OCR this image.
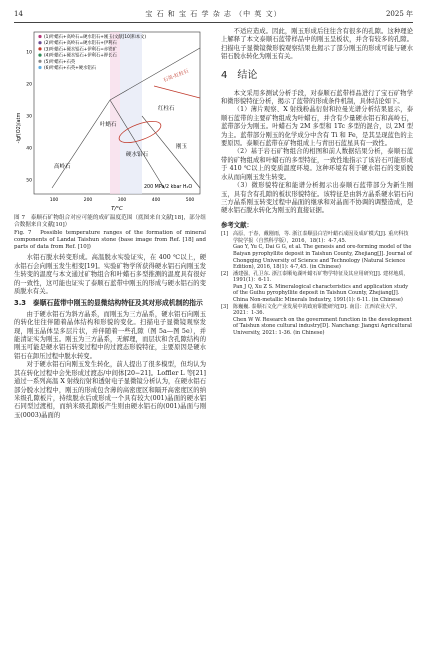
14	宝 石 和 宝 石 学 杂 志 （中 英 文）	2025 年
(1)叶蜡石+高岭石=硬水铝石+刚玉(文献[10]和本文)
(2)叶蜡石+高岭石=硬水铝石+伊利石
(3)叶蜡石+硬水铝石+伊利石=赤铁矿
(4)叶蜡石+硬水铝石+伊利石+钾长石
(5)叶蜡石+石英
(6)叶蜡石+石英+硬水铝石
10
20
30
40
50
100	200	300	400	500
-lgf(O2)/atm
T/°C
高岭石
叶蜡石
红柱石
刚玉
硬水铝石
石英-红柱石
200 MPa/2 kbar H₂O
图 7　泰顺石矿物组合对应可能的成矿温度范围（底图来自文献[18]，部分组合数据来自文献[10]）
Fig. 7　Possible temperature ranges of the formation of mineral components of Landai Taishun stone (base image from Ref. [18] and parts of data from Ref. [10])

水铝石脱水转变形成。高温脱水实验证实，在 400 ℃以上，硬水铝石会向刚玉发生相变[19]。实验矿物学所获得硬水铝石向刚玉发生转变的温度与本文通过矿物组合和叶蜡石多型推测的温度具有很好的一致性，这可能也证实了泰顺石蓝带中刚玉的形成与硬水铝石的变质脱水有关。

3.3　泰顺石蓝带中刚玉的显微结构特征及其对形成机制的指示

由于硬水铝石为斜方晶系，而刚玉为三方晶系，硬水铝石向刚玉的转化往往伴随着晶体结构和形貌的变化。扫描电子显微镜观察发现，刚玉晶体呈多层片状，并伴随着一些孔隙（图 5a—图 5e），并能清证实为刚玉。刚玉为三方晶系，无解理，而层状和含孔隙结构的刚玉可能是硬水铝石转变过程中的过渡态形貌特征，主要原因是硬水铝石在卸压过程中脱水转变。

对于硬水铝石向刚玉发生转化，前人提出了很多模型，但均认为其在转化过程中会先形成过渡态/中间体[20−21]。Loffler L 等[21]通过一系列高温 X 射线衍射和透射电子显微镜分析认为，在硬水铝石部分脱水过程中，刚玉的形成包含薄的高密度区和隔开高密度区的纳米级孔隙板片，持续脱水后或形成一个具有较大(001)晶面的硬水铝石同型过渡相，而纳米级孔隙板产生则由硬水铝石的(001)晶面与刚玉(0003)晶面的

不适应造成。因此，刚玉形成后往往含有很多的孔隙。这种理论上解释了本文泰顺石蓝带样品中的刚玉呈板状，并含有较多的孔隙。扫描电子显微镜微形貌观察结果也揭示了部分刚玉的形成可能与硬水铝石脱水转化为刚玉有关。

4　结论

本文采用多测试分析手段，对泰顺石蓝带样品进行了宝石矿物学和微形貌特征分析，揭示了蓝带的形成条件机制，具体结论如下。

（1）薄片观察、X 射线粉晶衍射和拉曼光谱分析结果显示，泰顺石蓝带的主要矿物组成为叶蜡石，并含有少量硬水铝石和高岭石，蓝带部分为刚玉。叶蜡石为 2M 多型和 1Tc 多型的混合，以 2M 型为主。蓝带部分刚玉的化学成分中含有 Ti 和 Fe，是其呈现蓝色的主要原因。泰顺石蓝带在矿物组成上与青田石蓝星具有一致性。

（2）基于岩石矿物组合的相图和前人数据结果分析，泰顺石蓝带的矿物组成和叶蜡石的多型特征，一致性地指示了该岩石可能形成于 410 ℃以上的变质温度环境。这种环境有利于硬水铝石的变质脱水从而向刚玉发生转变。

（3）微形貌特征和能谱分析揭示出泰顺石蓝带部分为新生刚玉，具有含有孔隙的板状形貌特征。该特征是由斜方晶系硬水铝石向三方晶系刚玉转变过程中晶面的继承和对晶面不协调的调整造成，是硬水铝石脱水转化为刚玉的直接证据。

参考文献：
[1] 高原，于春，戴刚雨，等. 浙江泰顺县白岩叶蜡石成因及成矿模式[J]. 重庆科技学院学报（自然科学版），2016，18(1)：4-7,45.
Gao Y, Yu C, Dai G G, et al. The genesis and ore-forming model of the Baiyan pyrophyllite deposit in Taishun County, Zhejiang[J]. Journal of Chongqing University of Science and Technology (Natural Science Edition), 2016, 18(1): 4-7,45. (in Chinese)
[2] 潘建强，孔卫东. 浙江泰顺龟湖叶蜡石矿物学特征及其应用研究[J]. 建材地质，1991(1)：6-11.
Pan J Q, Xu Z S. Mineralogical characteristics and application study of the Guihu pyrophyllite deposit in Taishun County, Zhejiang[J]. China Non-metallic Minerals Industry, 1991(1): 6-11. (in Chinese)
[3] 陈巍巍. 泰顺石文化产业发展中的政府职能研究[D]. 南昌：江西农业大学，2021：1-36.
Chen W W. Research on the government function in the development of Taishun stone cultural industry[D]. Nanchang: Jiangxi Agricultural University, 2021: 1-36. (in Chinese)
